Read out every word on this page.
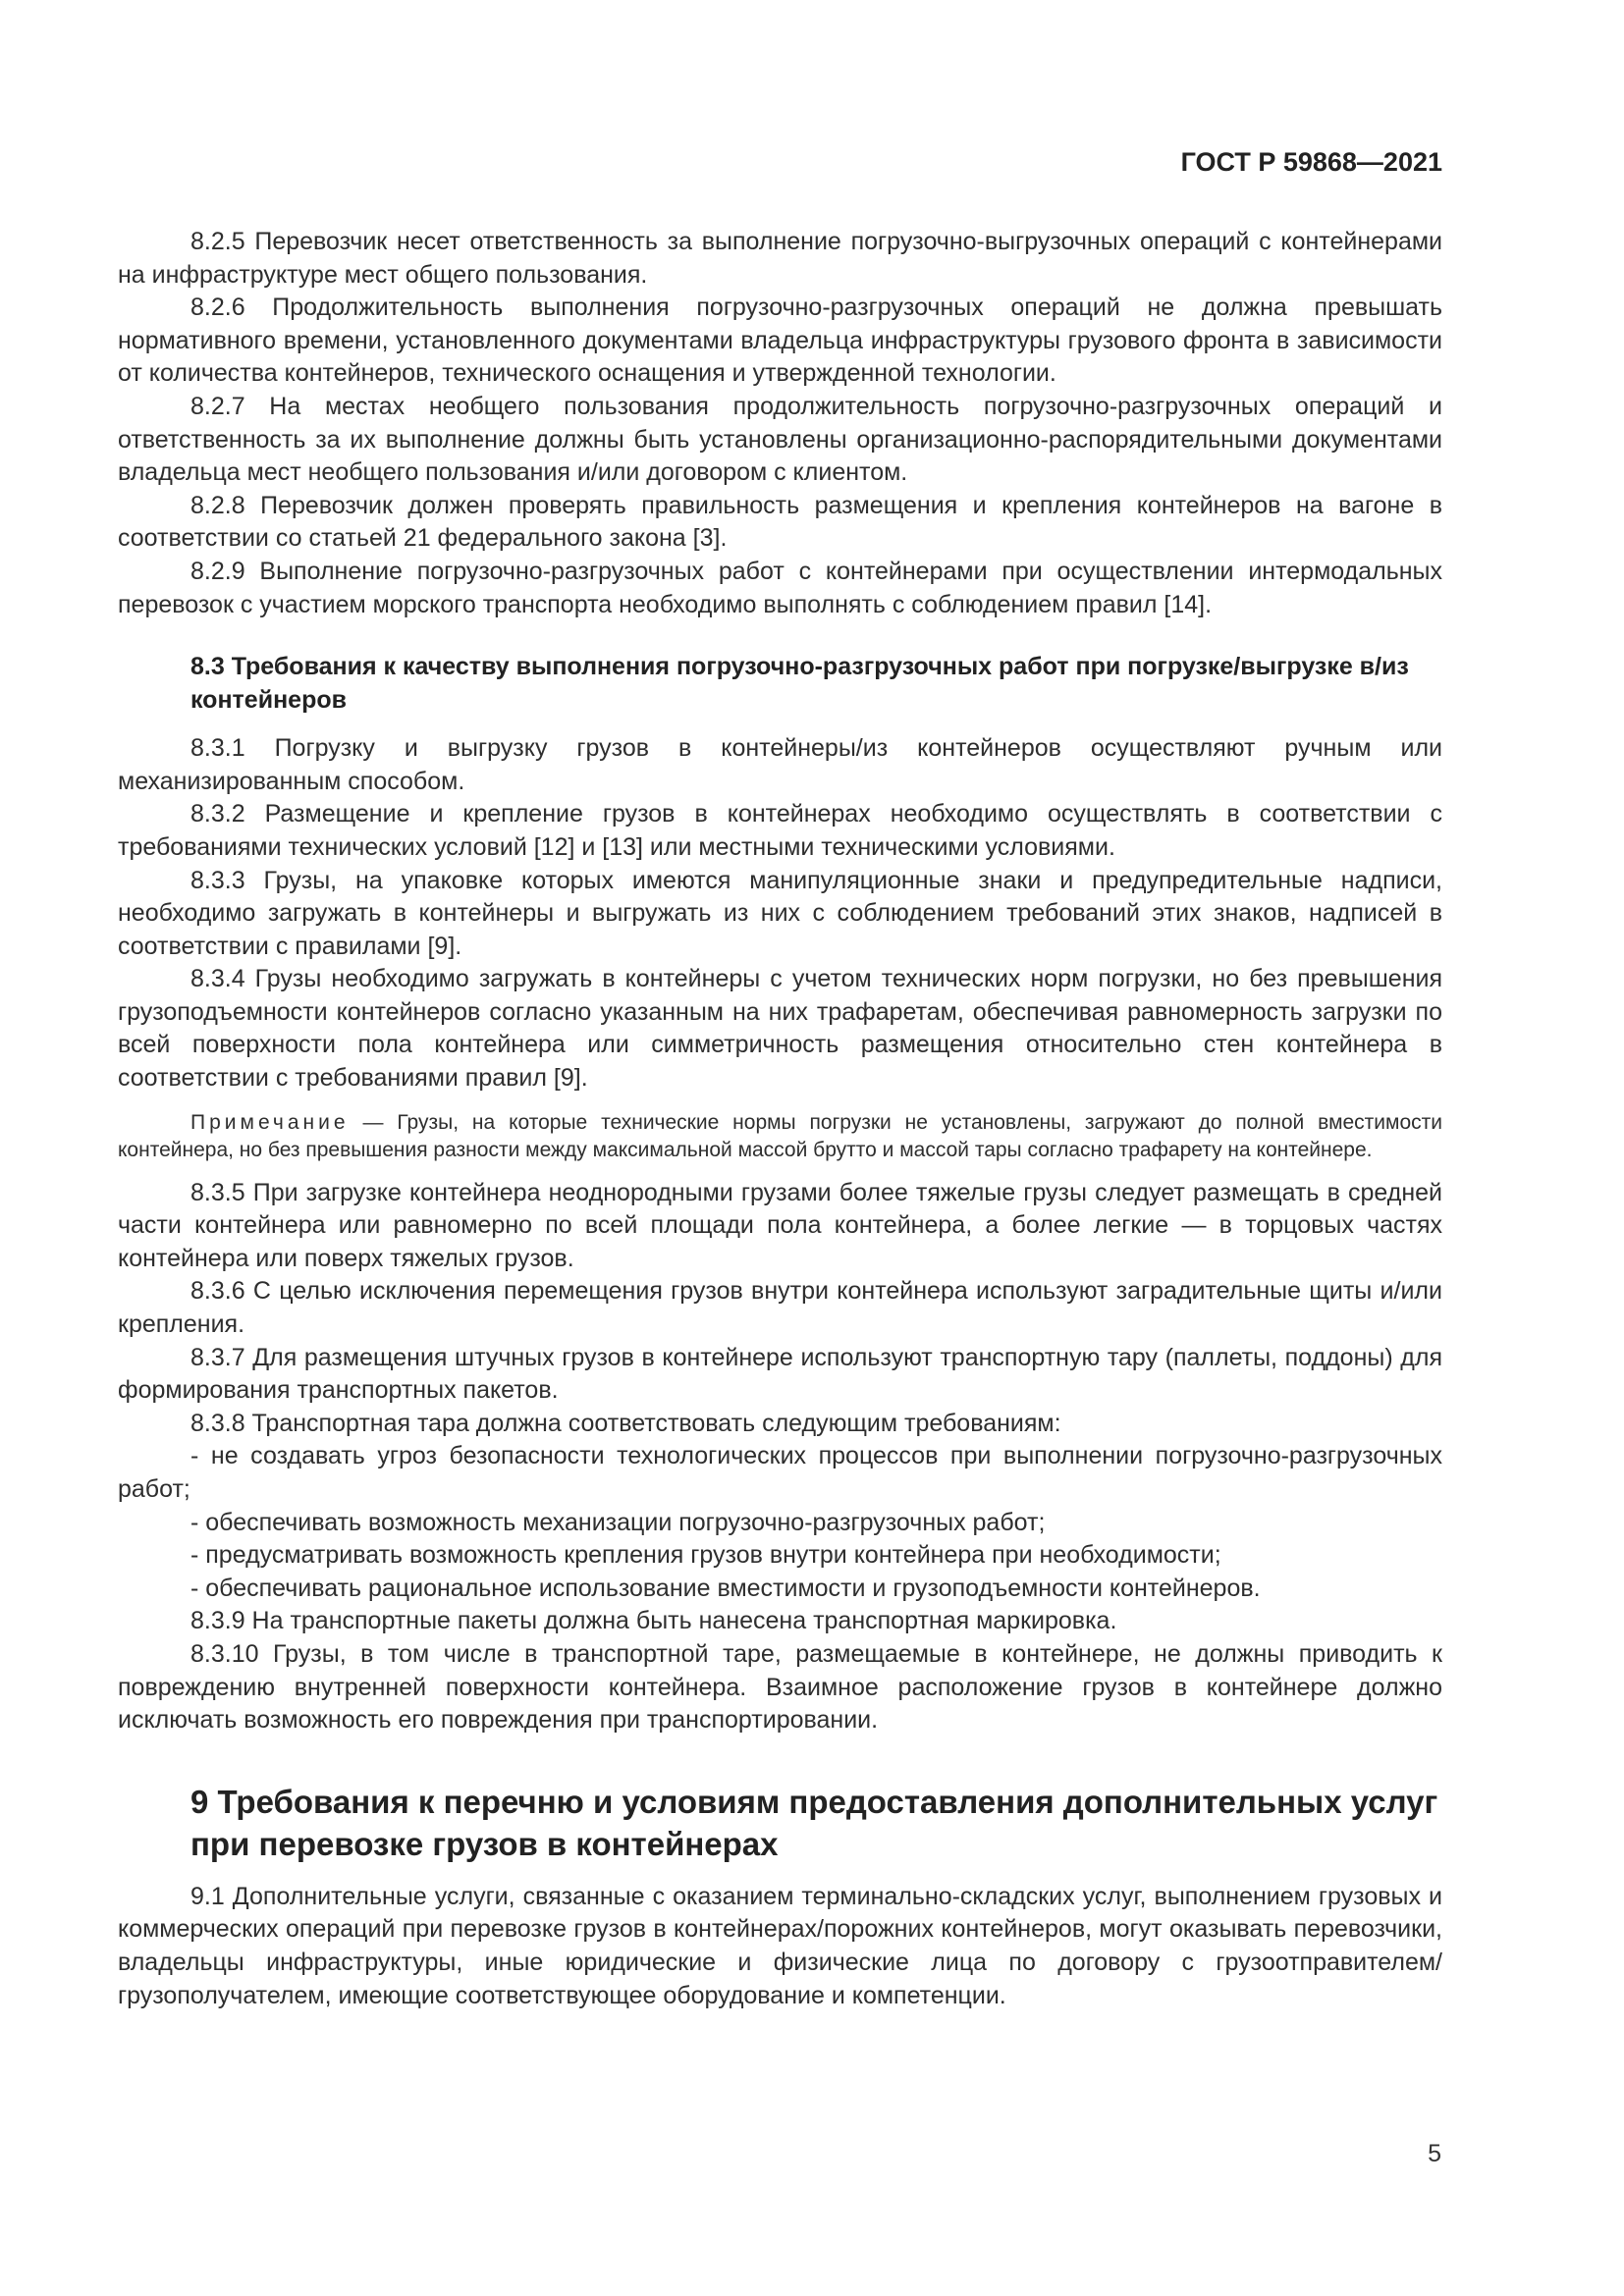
ГОСТ Р 59868—2021

8.2.5 Перевозчик несет ответственность за выполнение погрузочно-выгрузочных операций с контейнерами на инфраструктуре мест общего пользования.

8.2.6 Продолжительность выполнения погрузочно-разгрузочных операций не должна превышать нормативного времени, установленного документами владельца инфраструктуры грузового фронта в зависимости от количества контейнеров, технического оснащения и утвержденной технологии.

8.2.7 На местах необщего пользования продолжительность погрузочно-разгрузочных операций и ответственность за их выполнение должны быть установлены организационно-распорядительными документами владельца мест необщего пользования и/или договором с клиентом.

8.2.8 Перевозчик должен проверять правильность размещения и крепления контейнеров на вагоне в соответствии со статьей 21 федерального закона [3].

8.2.9 Выполнение погрузочно-разгрузочных работ с контейнерами при осуществлении интермодальных перевозок с участием морского транспорта необходимо выполнять с соблюдением правил [14].

8.3 Требования к качеству выполнения погрузочно-разгрузочных работ при погрузке/выгрузке в/из контейнеров

8.3.1 Погрузку и выгрузку грузов в контейнеры/из контейнеров осуществляют ручным или механизированным способом.

8.3.2 Размещение и крепление грузов в контейнерах необходимо осуществлять в соответствии с требованиями технических условий [12] и [13] или местными техническими условиями.

8.3.3 Грузы, на упаковке которых имеются манипуляционные знаки и предупредительные надписи, необходимо загружать в контейнеры и выгружать из них с соблюдением требований этих знаков, надписей в соответствии с правилами [9].

8.3.4 Грузы необходимо загружать в контейнеры с учетом технических норм погрузки, но без превышения грузоподъемности контейнеров согласно указанным на них трафаретам, обеспечивая равномерность загрузки по всей поверхности пола контейнера или симметричность размещения относительно стен контейнера в соответствии с требованиями правил [9].

Примечание — Грузы, на которые технические нормы погрузки не установлены, загружают до полной вместимости контейнера, но без превышения разности между максимальной массой брутто и массой тары согласно трафарету на контейнере.

8.3.5 При загрузке контейнера неоднородными грузами более тяжелые грузы следует размещать в средней части контейнера или равномерно по всей площади пола контейнера, а более легкие — в торцовых частях контейнера или поверх тяжелых грузов.

8.3.6 С целью исключения перемещения грузов внутри контейнера используют заградительные щиты и/или крепления.

8.3.7 Для размещения штучных грузов в контейнере используют транспортную тару (паллеты, поддоны) для формирования транспортных пакетов.

8.3.8 Транспортная тара должна соответствовать следующим требованиям:

- не создавать угроз безопасности технологических процессов при выполнении погрузочно-разгрузочных работ;

- обеспечивать возможность механизации погрузочно-разгрузочных работ;

- предусматривать возможность крепления грузов внутри контейнера при необходимости;

- обеспечивать рациональное использование вместимости и грузоподъемности контейнеров.

8.3.9 На транспортные пакеты должна быть нанесена транспортная маркировка.

8.3.10 Грузы, в том числе в транспортной таре, размещаемые в контейнере, не должны приводить к повреждению внутренней поверхности контейнера. Взаимное расположение грузов в контейнере должно исключать возможность его повреждения при транспортировании.

9 Требования к перечню и условиям предоставления дополнительных услуг при перевозке грузов в контейнерах

9.1 Дополнительные услуги, связанные с оказанием терминально-складских услуг, выполнением грузовых и коммерческих операций при перевозке грузов в контейнерах/порожних контейнеров, могут оказывать перевозчики, владельцы инфраструктуры, иные юридические и физические лица по договору с грузоотправителем/грузополучателем, имеющие соответствующее оборудование и компетенции.

5
